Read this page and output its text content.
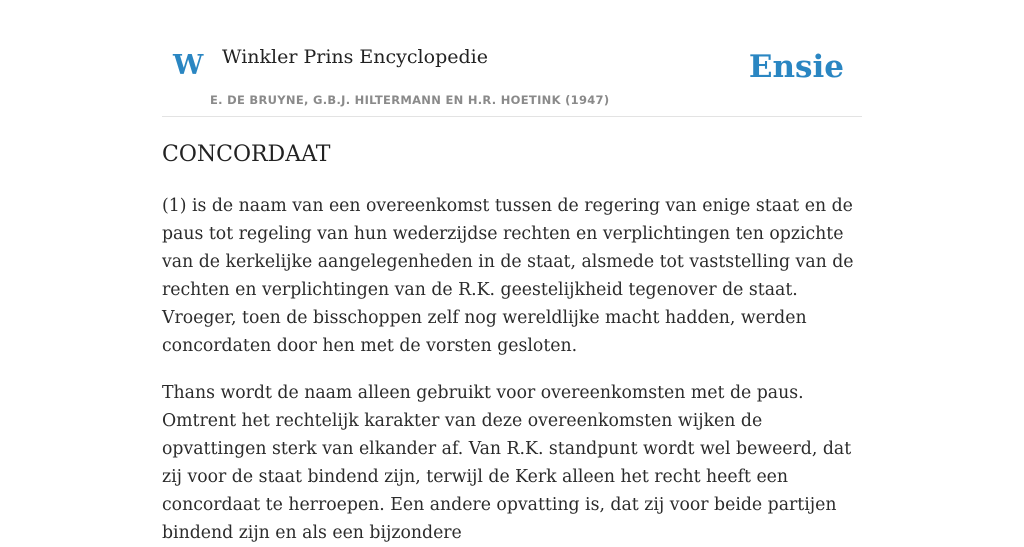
W Winkler Prins Encyclopedie
E. DE BRUYNE, G.B.J. HILTERMANN EN H.R. HOETINK (1947)
Ensie
CONCORDAAT

(1) is de naam van een overeenkomst tussen de regering van enige staat en de paus tot regeling van hun wederzijdse rechten en verplichtingen ten opzichte van de kerkelijke aangelegenheden in de staat, alsmede tot vaststelling van de rechten en verplichtingen van de R.K. geestelijkheid tegenover de staat. Vroeger, toen de bisschoppen zelf nog wereldlijke macht hadden, werden concordaten door hen met de vorsten gesloten.

Thans wordt de naam alleen gebruikt voor overeenkomsten met de paus. Omtrent het rechtelijk karakter van deze overeenkomsten wijken de opvattingen sterk van elkander af. Van R.K. standpunt wordt wel beweerd, dat zij voor de staat bindend zijn, terwijl de Kerk alleen het recht heeft een concordaat te herroepen. Een andere opvatting is, dat zij voor beide partijen bindend zijn en als een bijzondere
